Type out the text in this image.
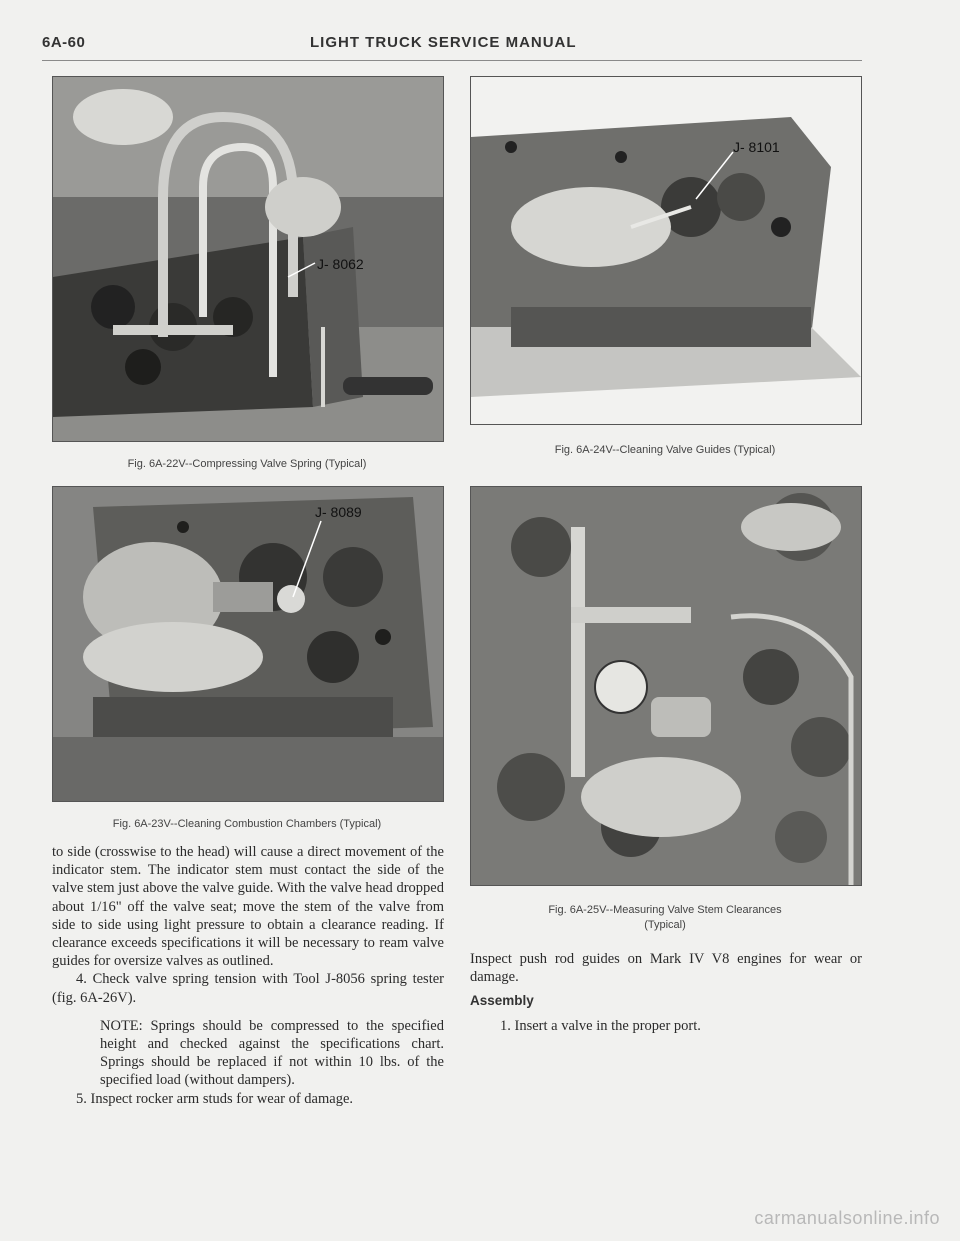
6A-60	LIGHT TRUCK SERVICE MANUAL
J- 8062
Fig. 6A-22V--Compressing Valve Spring (Typical)
J- 8101
Fig. 6A-24V--Cleaning Valve Guides (Typical)
J- 8089
Fig. 6A-23V--Cleaning Combustion Chambers (Typical)
Fig. 6A-25V--Measuring Valve Stem Clearances
(Typical)

to side (crosswise to the head) will cause a direct movement of the indicator stem. The indicator stem must contact the side of the valve stem just above the valve guide. With the valve head dropped about 1/16" off the valve seat; move the stem of the valve from side to side using light pressure to obtain a clearance reading. If clearance exceeds specifications it will be necessary to ream valve guides for oversize valves as outlined.

4. Check valve spring tension with Tool J-8056 spring tester (fig. 6A-26V).

NOTE: Springs should be compressed to the specified height and checked against the specifications chart. Springs should be replaced if not within 10 lbs. of the specified load (without dampers).

5. Inspect rocker arm studs for wear of damage.

Inspect push rod guides on Mark IV V8 engines for wear or damage.

Assembly

1. Insert a valve in the proper port.

carmanualsonline.info
